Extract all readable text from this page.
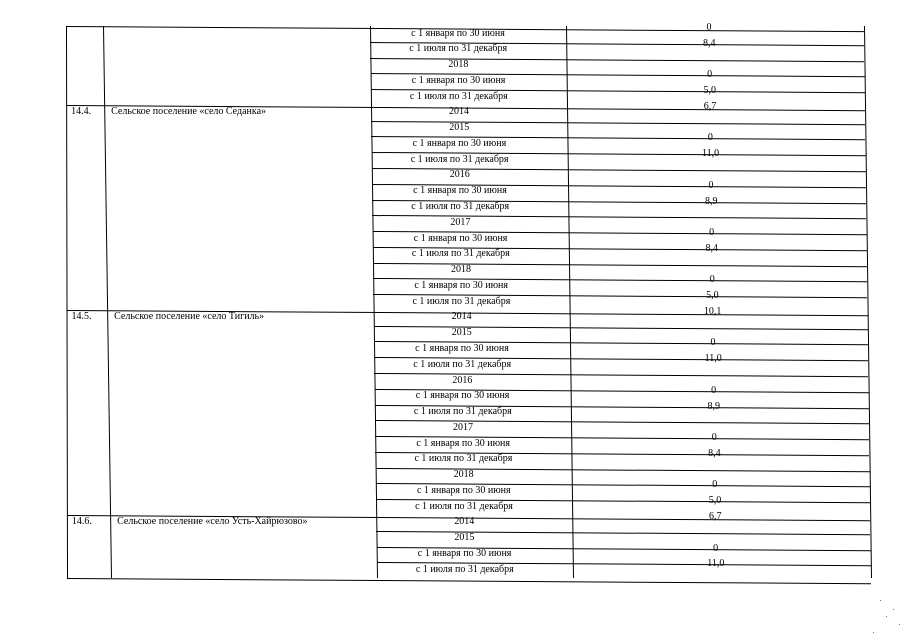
с 1 января по 30 июня	0
с 1 июля по 31 декабря	8,4
2018
с 1 января по 30 июня	0
с 1 июля по 31 декабря	5,0
14.4. Сельское поселение «село Седанка»	2014	6,7
2015
с 1 января по 30 июня	0
с 1 июля по 31 декабря	11,0
2016
с 1 января по 30 июня	0
с 1 июля по 31 декабря	8,9
2017
с 1 января по 30 июня	0
с 1 июля по 31 декабря	8,4
2018
с 1 января по 30 июня	0
с 1 июля по 31 декабря	5,0
14.5. Сельское поселение «село Тигиль»	2014	10,1
2015
с 1 января по 30 июня	0
с 1 июля по 31 декабря	11,0
2016
с 1 января по 30 июня	0
с 1 июля по 31 декабря	8,9
2017
с 1 января по 30 июня	0
с 1 июля по 31 декабря	8,4
2018
с 1 января по 30 июня	0
с 1 июля по 31 декабря	5,0
14.6.	Сельское поселение «село Усть-Хайрюзово»	2014	6,7
2015
с 1 января по 30 июня	0
с 1 июля по 31 декабря	11,0
